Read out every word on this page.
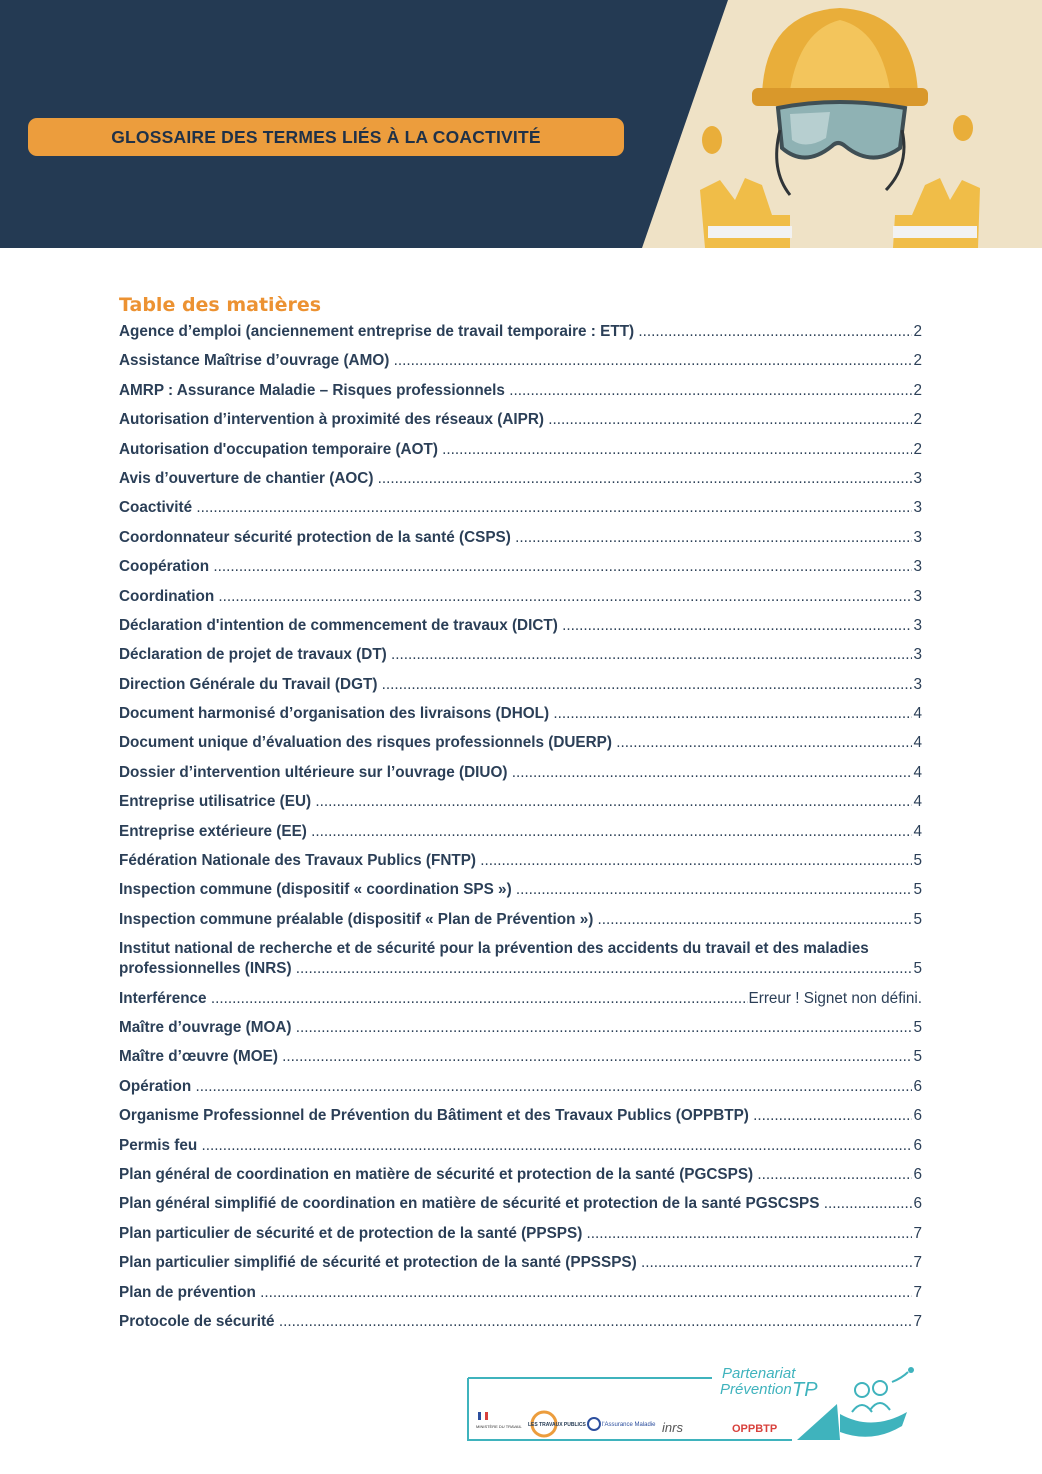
GLOSSAIRE DES TERMES LIÉS À LA COACTIVITÉ
Table des matières
Agence d’emploi (anciennement entreprise de travail temporaire : ETT) .....	2
Assistance Maîtrise d’ouvrage (AMO) .....	2
AMRP : Assurance Maladie – Risques professionnels .....	2
Autorisation d’intervention à proximité des réseaux (AIPR) .....	2
Autorisation d'occupation temporaire (AOT) .....	2
Avis d’ouverture de chantier (AOC) .....	3
Coactivité .....	3
Coordonnateur sécurité protection de la santé (CSPS) .....	3
Coopération .....	3
Coordination .....	3
Déclaration d'intention de commencement de travaux (DICT) .....	3
Déclaration de projet de travaux (DT) .....	3
Direction Générale du Travail (DGT) .....	3
Document harmonisé d’organisation des livraisons (DHOL) .....	4
Document unique d’évaluation des risques professionnels (DUERP) .....	4
Dossier d’intervention ultérieure sur l’ouvrage (DIUO) .....	4
Entreprise utilisatrice (EU) .....	4
Entreprise extérieure (EE) .....	4
Fédération Nationale des Travaux Publics (FNTP) .....	5
Inspection commune (dispositif « coordination SPS ») .....	5
Inspection commune préalable (dispositif « Plan de Prévention ») .....	5
Institut national de recherche et de sécurité pour la prévention des accidents du travail et des maladies
professionnelles (INRS) .....	5
Interférence .....	Erreur ! Signet non défini.
Maître d’ouvrage (MOA) .....	5
Maître d’œuvre (MOE) .....	5
Opération .....	6
Organisme Professionnel de Prévention du Bâtiment et des Travaux Publics (OPPBTP) .....	6
Permis feu .....	6
Plan général de coordination en matière de sécurité et protection de la santé (PGCSPS) .....	6
Plan général simplifié de coordination en matière de sécurité et protection de la santé PGSCSPS .....	6
Plan particulier de sécurité et de protection de la santé (PPSPS) .....	7
Plan particulier simplifié de sécurité et protection de la santé (PPSSPS) .....	7
Plan de prévention .....	7
Protocole de sécurité .....	7
Partenariat
Prévention TP
MINISTÈRE DU TRAVAIL LES TRAVAUX PUBLICS	l'Assurance Maladie inrs	OPPBTP
